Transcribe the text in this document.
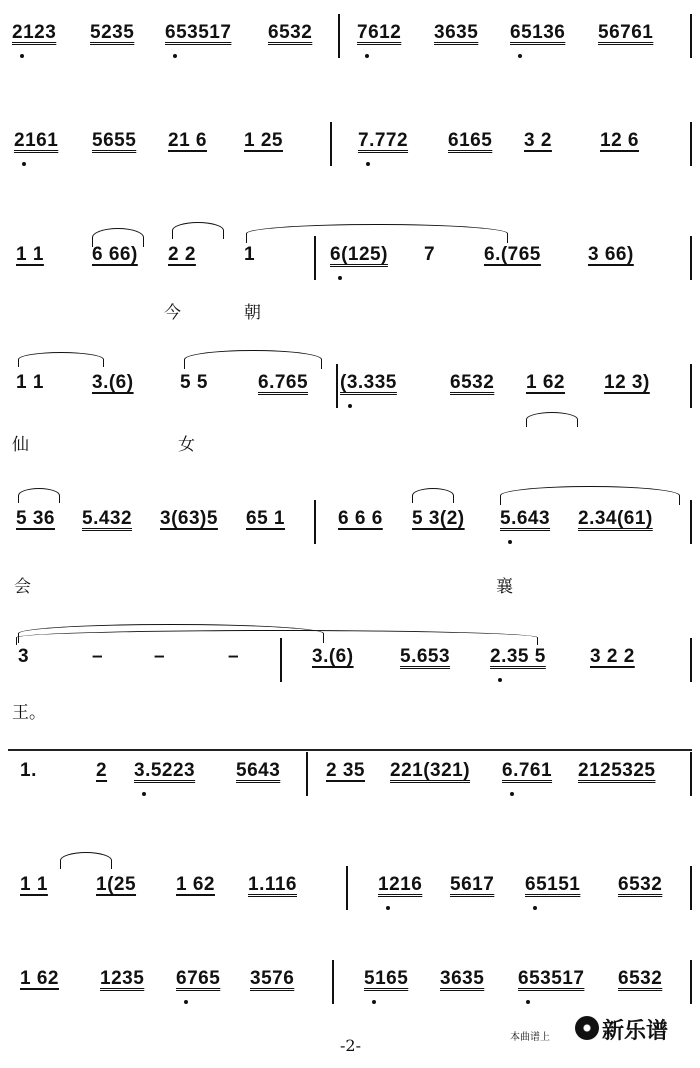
2123 5235 653517 6532 7612 3635 65136 56761
2161 5655 21 6 1 25	7.772 6165 3 2	12 6
1 1	6 66) 2 2	1	6(125) 7	6.(765 3 66)
今	朝
1 1	3.(6) 5 5	6.765 (3.335	6532 1 62 12 3)
仙	女
5 36 5.432 3(63)5 65 1	6 6 6 5 3(2) 5.643 2.34(61)
会	襄
3	–	–	–	3.(6) 5.653 2.35 5 3 2 2
王。
1.	2 3.5223 5643 2 35 221(321) 6.761 2125325
1 1	1(25 1 62 1.116	1216 5617 65151 6532
1 62 1235 6765 3576	5165 3635 653517 6532
-2-	本曲谱上 新乐谱
